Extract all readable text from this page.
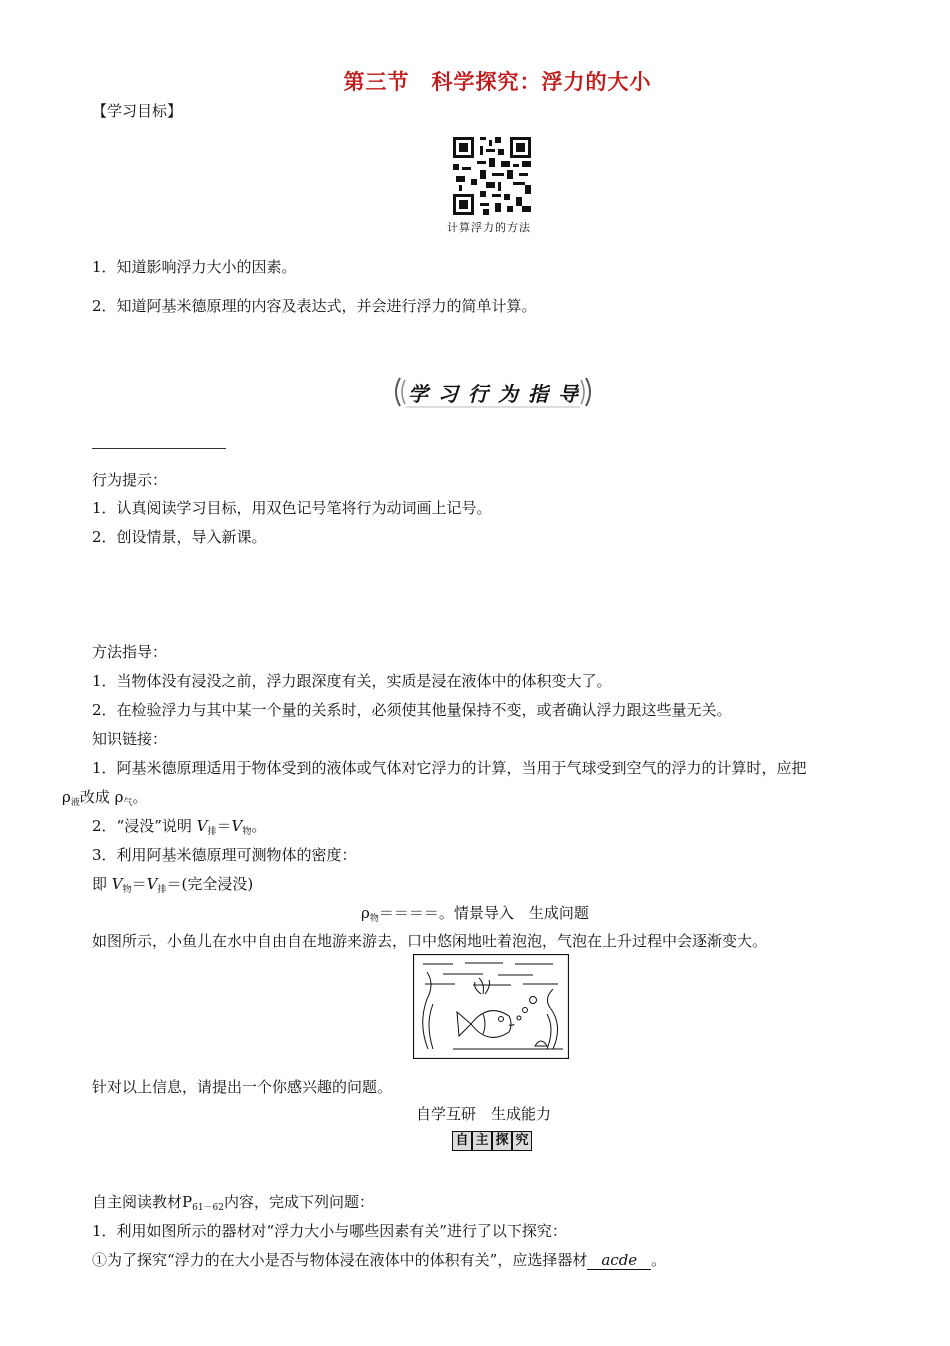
第三节　科学探究：浮力的大小
【学习目标】
计算浮力的方法
1．知道影响浮力大小的因素。
2．知道阿基米德原理的内容及表达式，并会进行浮力的简单计算。
学习行为指导
行为提示：
1．认真阅读学习目标，用双色记号笔将行为动词画上记号。
2．创设情景，导入新课。
方法指导：
1．当物体没有浸没之前，浮力跟深度有关，实质是浸在液体中的体积变大了。
2．在检验浮力与其中某一个量的关系时，必须使其他量保持不变，或者确认浮力跟这些量无关。
知识链接：
1．阿基米德原理适用于物体受到的液体或气体对它浮力的计算，当用于气球受到空气的浮力的计算时，应把
$\rho_液$改成 $\rho_气$。
2．“浸没”说明 $V_排=V_物$。
3．利用阿基米德原理可测物体的密度：
即 $V_物=V_排=$(完全浸没)
$\rho_物====$。情景导入　生成问题
如图所示，小鱼儿在水中自由自在地游来游去，口中悠闲地吐着泡泡，气泡在上升过程中会逐渐变大。
针对以上信息，请提出一个你感兴趣的问题。
自学互研　生成能力
自 主 探 究
自主阅读教材$P_{61-62}$内容，完成下列问题：
1．利用如图所示的器材对“浮力大小与哪些因素有关”进行了以下探究：
①为了探究“浮力的在大小是否与物体浸在液体中的体积有关”，应选择器材 acde 。
